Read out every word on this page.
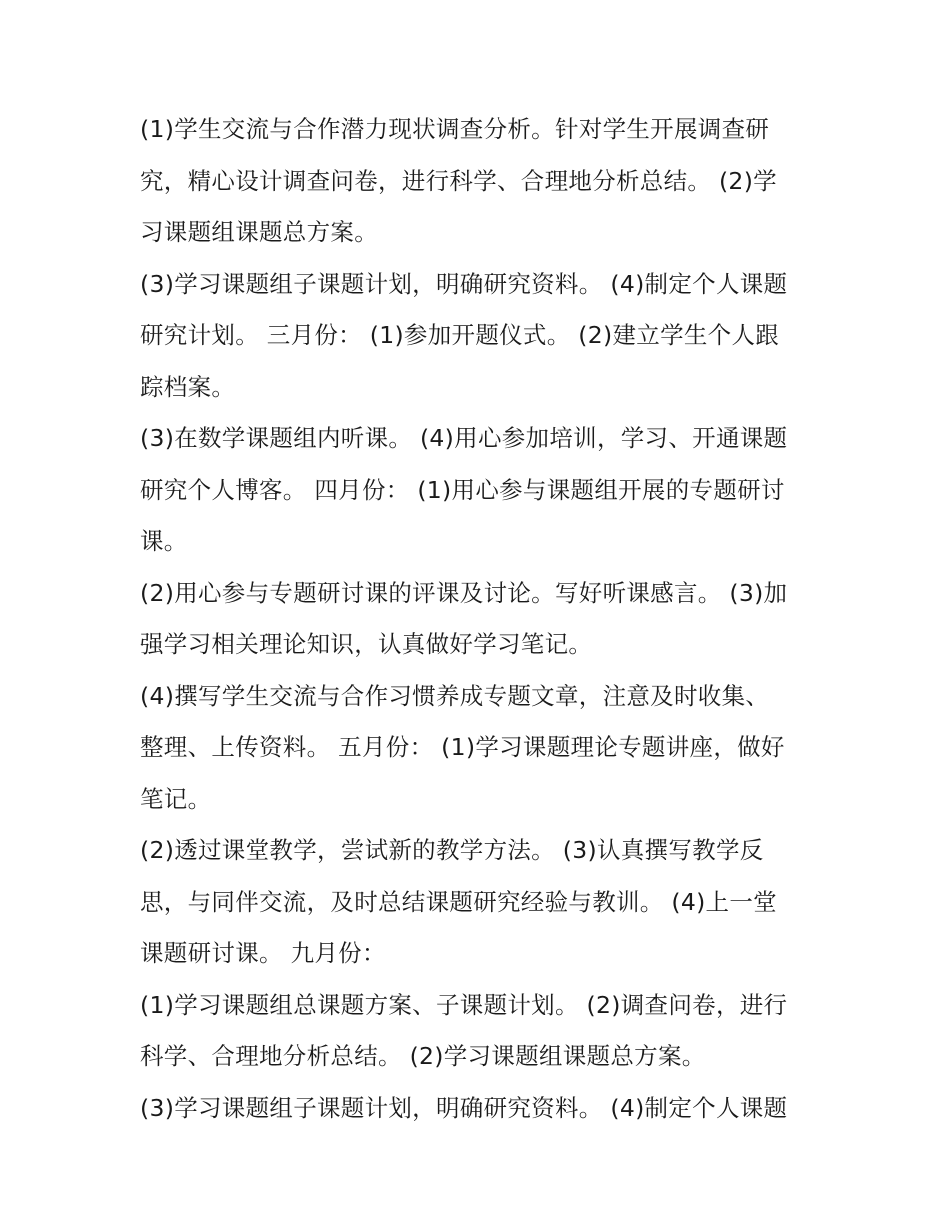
(1)学生交流与合作潜力现状调查分析。针对学生开展调查研
究，精心设计调查问卷，进行科学、合理地分析总结。 (2)学
习课题组课题总方案。
(3)学习课题组子课题计划，明确研究资料。 (4)制定个人课题
研究计划。 三月份： (1)参加开题仪式。 (2)建立学生个人跟
踪档案。
(3)在数学课题组内听课。 (4)用心参加培训，学习、开通课题
研究个人博客。 四月份： (1)用心参与课题组开展的专题研讨
课。
(2)用心参与专题研讨课的评课及讨论。写好听课感言。 (3)加
强学习相关理论知识，认真做好学习笔记。
(4)撰写学生交流与合作习惯养成专题文章，注意及时收集、
整理、上传资料。 五月份： (1)学习课题理论专题讲座，做好
笔记。
(2)透过课堂教学，尝试新的教学方法。 (3)认真撰写教学反
思，与同伴交流，及时总结课题研究经验与教训。 (4)上一堂
课题研讨课。 九月份：
(1)学习课题组总课题方案、子课题计划。 (2)调查问卷，进行
科学、合理地分析总结。 (2)学习课题组课题总方案。
(3)学习课题组子课题计划，明确研究资料。 (4)制定个人课题
